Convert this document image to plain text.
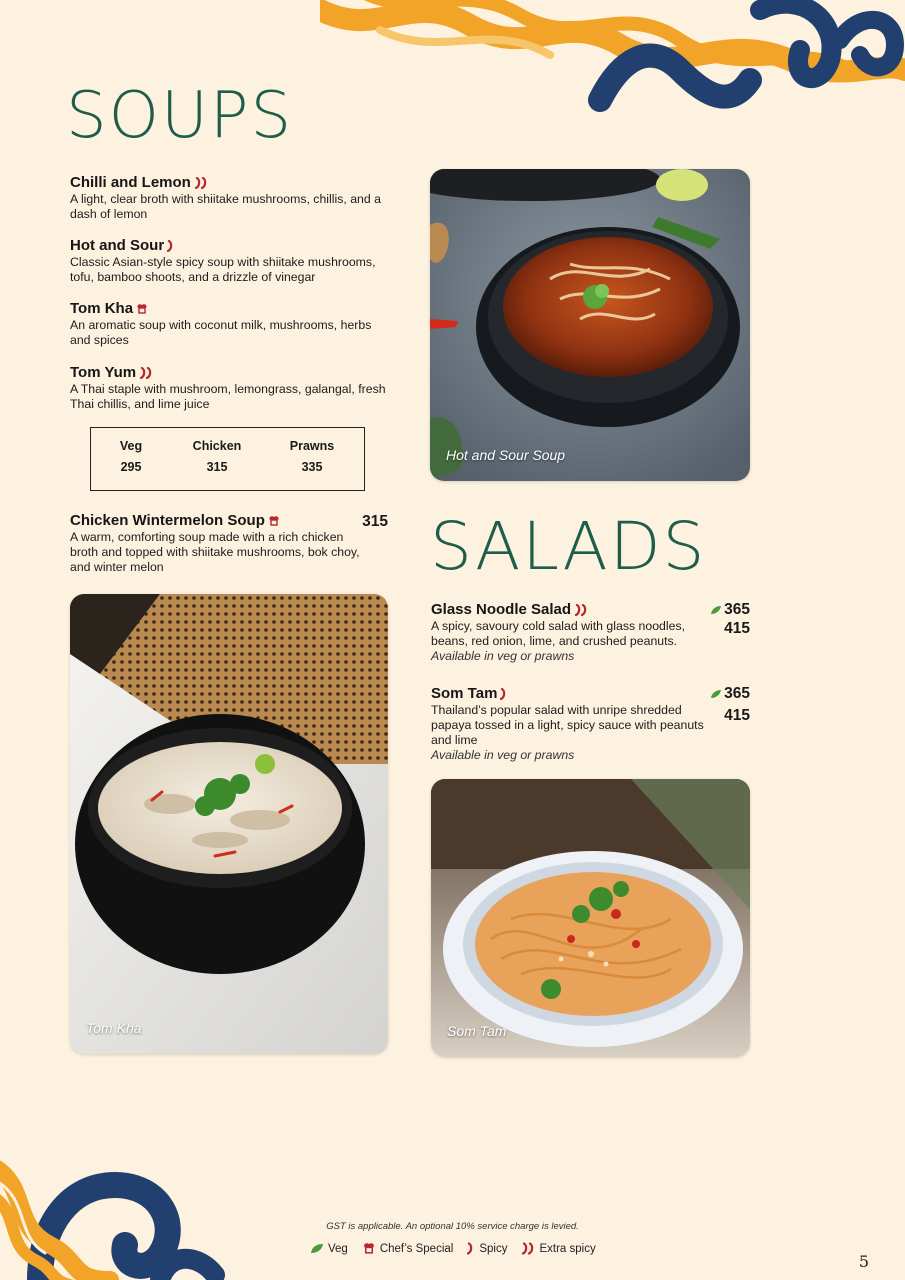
SOUPS
Chilli and Lemon
A light, clear broth with shiitake mushrooms, chillis, and a dash of lemon
Hot and Sour
Classic Asian-style spicy soup with shiitake mushrooms, tofu, bamboo shoots, and a drizzle of vinegar
Tom Kha
An aromatic soup with coconut milk, mushrooms, herbs and spices
Tom Yum
A Thai staple with mushroom, lemongrass, galangal, fresh Thai chillis, and lime juice
Veg
295
Chicken
315
Prawns
335
Chicken Wintermelon Soup
A warm, comforting soup made with a rich chicken broth and topped with shiitake mushrooms, bok choy, and winter melon
315
Hot and Sour Soup
Tom Kha
SALADS
Glass Noodle Salad
A spicy, savoury cold salad with glass noodles, beans, red onion, lime, and crushed peanuts.
Available in veg or prawns
365
415
Som Tam
Thailand’s popular salad with unripe shredded papaya tossed in a light, spicy sauce with peanuts and lime
Available in veg or prawns
365
415
Som Tam
GST is applicable. An optional 10% service charge is levied.
Veg	Chef’s Special Spicy	Extra spicy
5
